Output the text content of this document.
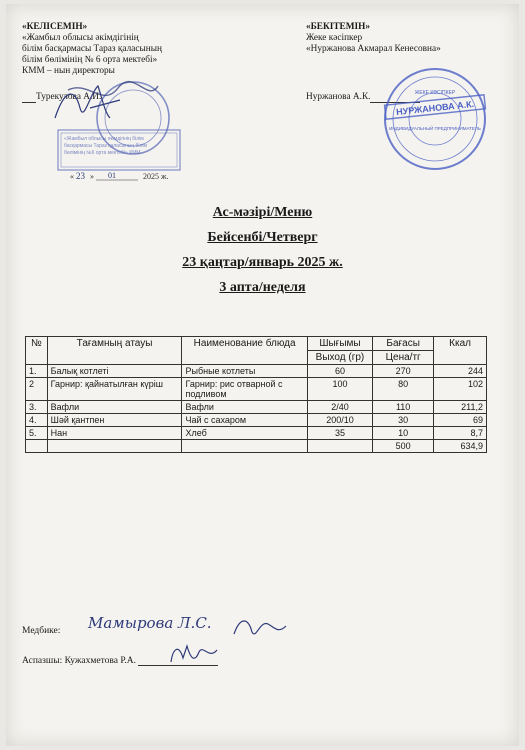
«КЕЛІСЕМІН»
«Жамбыл облысы әкімдігінің
білім басқармасы Тараз қаласының
білім бөлімінің № 6 орта мектебі»
КММ – нын директоры
Турекулова А.И.
«БЕКІТЕМІН»
Жеке кәсіпкер
«Нуржанова Акмарал Кенесовна»
Нуржанова А.К.
«Жамбыл облысы әкімдігінің білім
басқармасы Тараз қаласының білім
бөлімінің №6 орта мектебі» КММ
« 23 » 01	2025 ж.
НУРЖАНОВА А.К.
ЖЕКЕ КӘСІПКЕР
ИНДИВИДУАЛЬНЫЙ ПРЕДПРИНИМАТЕЛЬ
Ас-мәзірі/Меню
Бейсенбі/Четверг
23 қаңтар/январь 2025 ж.
3 апта/неделя
№	Тағамның атауы	Наименование блюда	Шығымы	Бағасы	Ккал
			Выход (гр)	Цена/тг	
1.	Балық котлеті	Рыбные котлеты	60	270	244
2	Гарнир: қайнатылған күріш	Гарнир: рис отварной с подливом	100	80	102
3.	Вафли	Вафли	2/40	110	211,2
4.	Шәй қантпен	Чай с сахаром	200/10	30	69
5.	Нан	Хлеб	35	10	8,7
				500	634,9
Медбике: Мамырова Л.С.
Аспазшы: Кужахметова Р.А.
